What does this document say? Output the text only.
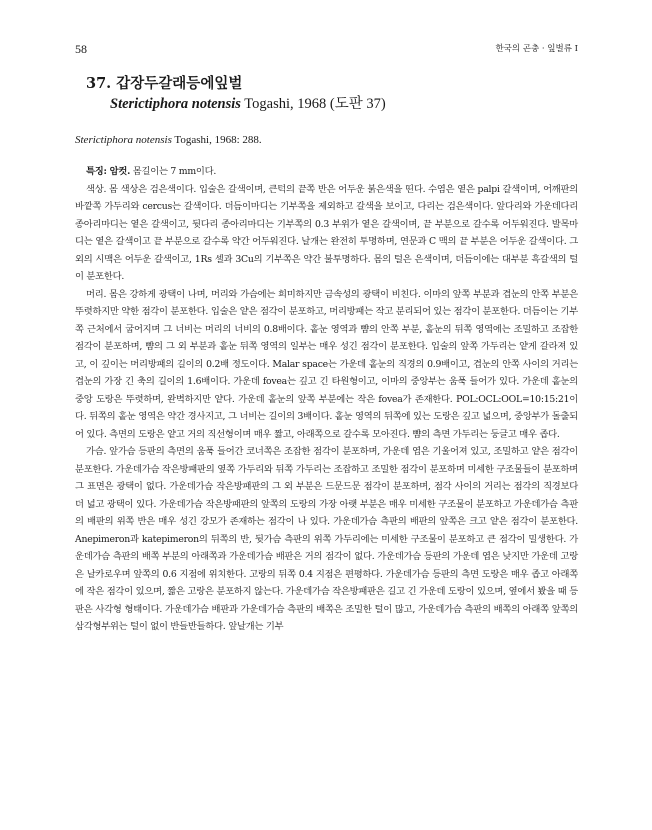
58	한국의 곤충 · 잎벌류 I
37. 갑장두갈래등에잎벌
Sterictiphora notensis Togashi, 1968 (도판 37)
Sterictiphora notensis Togashi, 1968: 288.

특징: 암컷. 몸길이는 7 mm이다.

색상. 몸 색상은 검은색이다. 입술은 갈색이며, 큰턱의 끝쪽 반은 어두운 붉은색을 띤다. 수염은 옅은 palpi 갈색이며, 어깨판의 바깥쪽 가두리와 cercus는 갈색이다. 더듬이마디는 기부쪽을 제외하고 갈색을 보이고, 다리는 검은색이다. 앞다리와 가운데다리 종아리마디는 옅은 갈색이고, 뒷다리 종아리마디는 기부쪽의 0.3 부위가 옅은 갈색이며, 끝 부분으로 갈수록 어두워진다. 발목마디는 옅은 갈색이고 끝 부분으로 갈수록 약간 어두워진다. 날개는 완전히 투명하며, 연문과 C 맥의 끝 부분은 어두운 갈색이다. 그 외의 시맥은 어두운 갈색이고, 1Rs 셀과 3Cu의 기부쪽은 약간 불투명하다. 몸의 털은 은색이며, 더듬이에는 대부분 흑갈색의 털이 분포한다.

머리. 몸은 강하게 광택이 나며, 머리와 가슴에는 희미하지만 금속성의 광택이 비친다. 이마의 앞쪽 부분과 겹눈의 안쪽 부분은 뚜렷하지만 약한 점각이 분포한다. 입술은 얕은 점각이 분포하고, 머리방패는 작고 분리되어 있는 점각이 분포한다. 더듬이는 기부쪽 근처에서 굽어지며 그 너비는 머리의 너비의 0.8배이다. 홑눈 영역과 뺨의 안쪽 부분, 홑눈의 뒤쪽 영역에는 조밀하고 조잡한 점각이 분포하며, 뺨의 그 외 부분과 홑눈 뒤쪽 영역의 일부는 매우 성긴 점각이 분포한다. 입술의 앞쪽 가두리는 얕게 갈라져 있고, 이 깊이는 머리방패의 길이의 0.2배 정도이다. Malar space는 가운데 홑눈의 직경의 0.9배이고, 겹눈의 안쪽 사이의 거리는 겹눈의 가장 긴 축의 길이의 1.6배이다. 가운데 fovea는 깊고 긴 타원형이고, 이마의 중앙부는 움푹 들어가 있다. 가운데 홑눈의 중앙 도랑은 뚜렷하며, 완벽하지만 얕다. 가운데 홑눈의 앞쪽 부분에는 작은 fovea가 존재한다. POL:OCL:OOL=10:15:21이다. 뒤쪽의 홑눈 영역은 약간 경사지고, 그 너비는 길이의 3배이다. 홑눈 영역의 뒤쪽에 있는 도랑은 깊고 넓으며, 중앙부가 돌출되어 있다. 측면의 도랑은 얕고 거의 직선형이며 매우 짧고, 아래쪽으로 갈수록 모아진다. 뺨의 측면 가두리는 둥글고 매우 좁다.

가슴. 앞가슴 등판의 측면의 움푹 들어간 코너쪽은 조잡한 점각이 분포하며, 가운데 엽은 기울어져 있고, 조밀하고 얕은 점각이 분포한다. 가운데가슴 작은방패판의 옆쪽 가두리와 뒤쪽 가두리는 조잡하고 조밀한 점각이 분포하며 미세한 구조물들이 분포하며 그 표면은 광택이 없다. 가운데가슴 작은방패판의 그 외 부분은 드문드문 점각이 분포하며, 점각 사이의 거리는 점각의 직경보다 더 넓고 광택이 있다. 가운데가슴 작은방패판의 앞쪽의 도랑의 가장 아랫 부분은 매우 미세한 구조물이 분포하고 가운데가슴 측판의 배판의 위쪽 반은 매우 성긴 강모가 존재하는 점각이 나 있다. 가운데가슴 측판의 배판의 앞쪽은 크고 얕은 점각이 분포한다. Anepimeron과 katepimeron의 뒤쪽의 반, 뒷가슴 측판의 위쪽 가두리에는 미세한 구조물이 분포하고 큰 점각이 밀생한다. 가운데가슴 측판의 배쪽 부분의 아래쪽과 가운데가슴 배판은 거의 점각이 없다. 가운데가슴 등판의 가운데 엽은 낮지만 가운데 고랑은 날카로우며 앞쪽의 0.6 지점에 위치한다. 고랑의 뒤쪽 0.4 지점은 편평하다. 가운데가슴 등판의 측면 도랑은 매우 좁고 아래쪽에 작은 점각이 있으며, 짧은 고랑은 분포하지 않는다. 가운데가슴 작은방패판은 길고 긴 가운데 도랑이 있으며, 옆에서 봤을 때 등판은 사각형 형태이다. 가운데가슴 배판과 가운데가슴 측판의 배쪽은 조밀한 털이 많고, 가운데가슴 측판의 배쪽의 아래쪽 앞쪽의 삼각형부위는 털이 없이 반들반들하다. 앞날개는 기부
